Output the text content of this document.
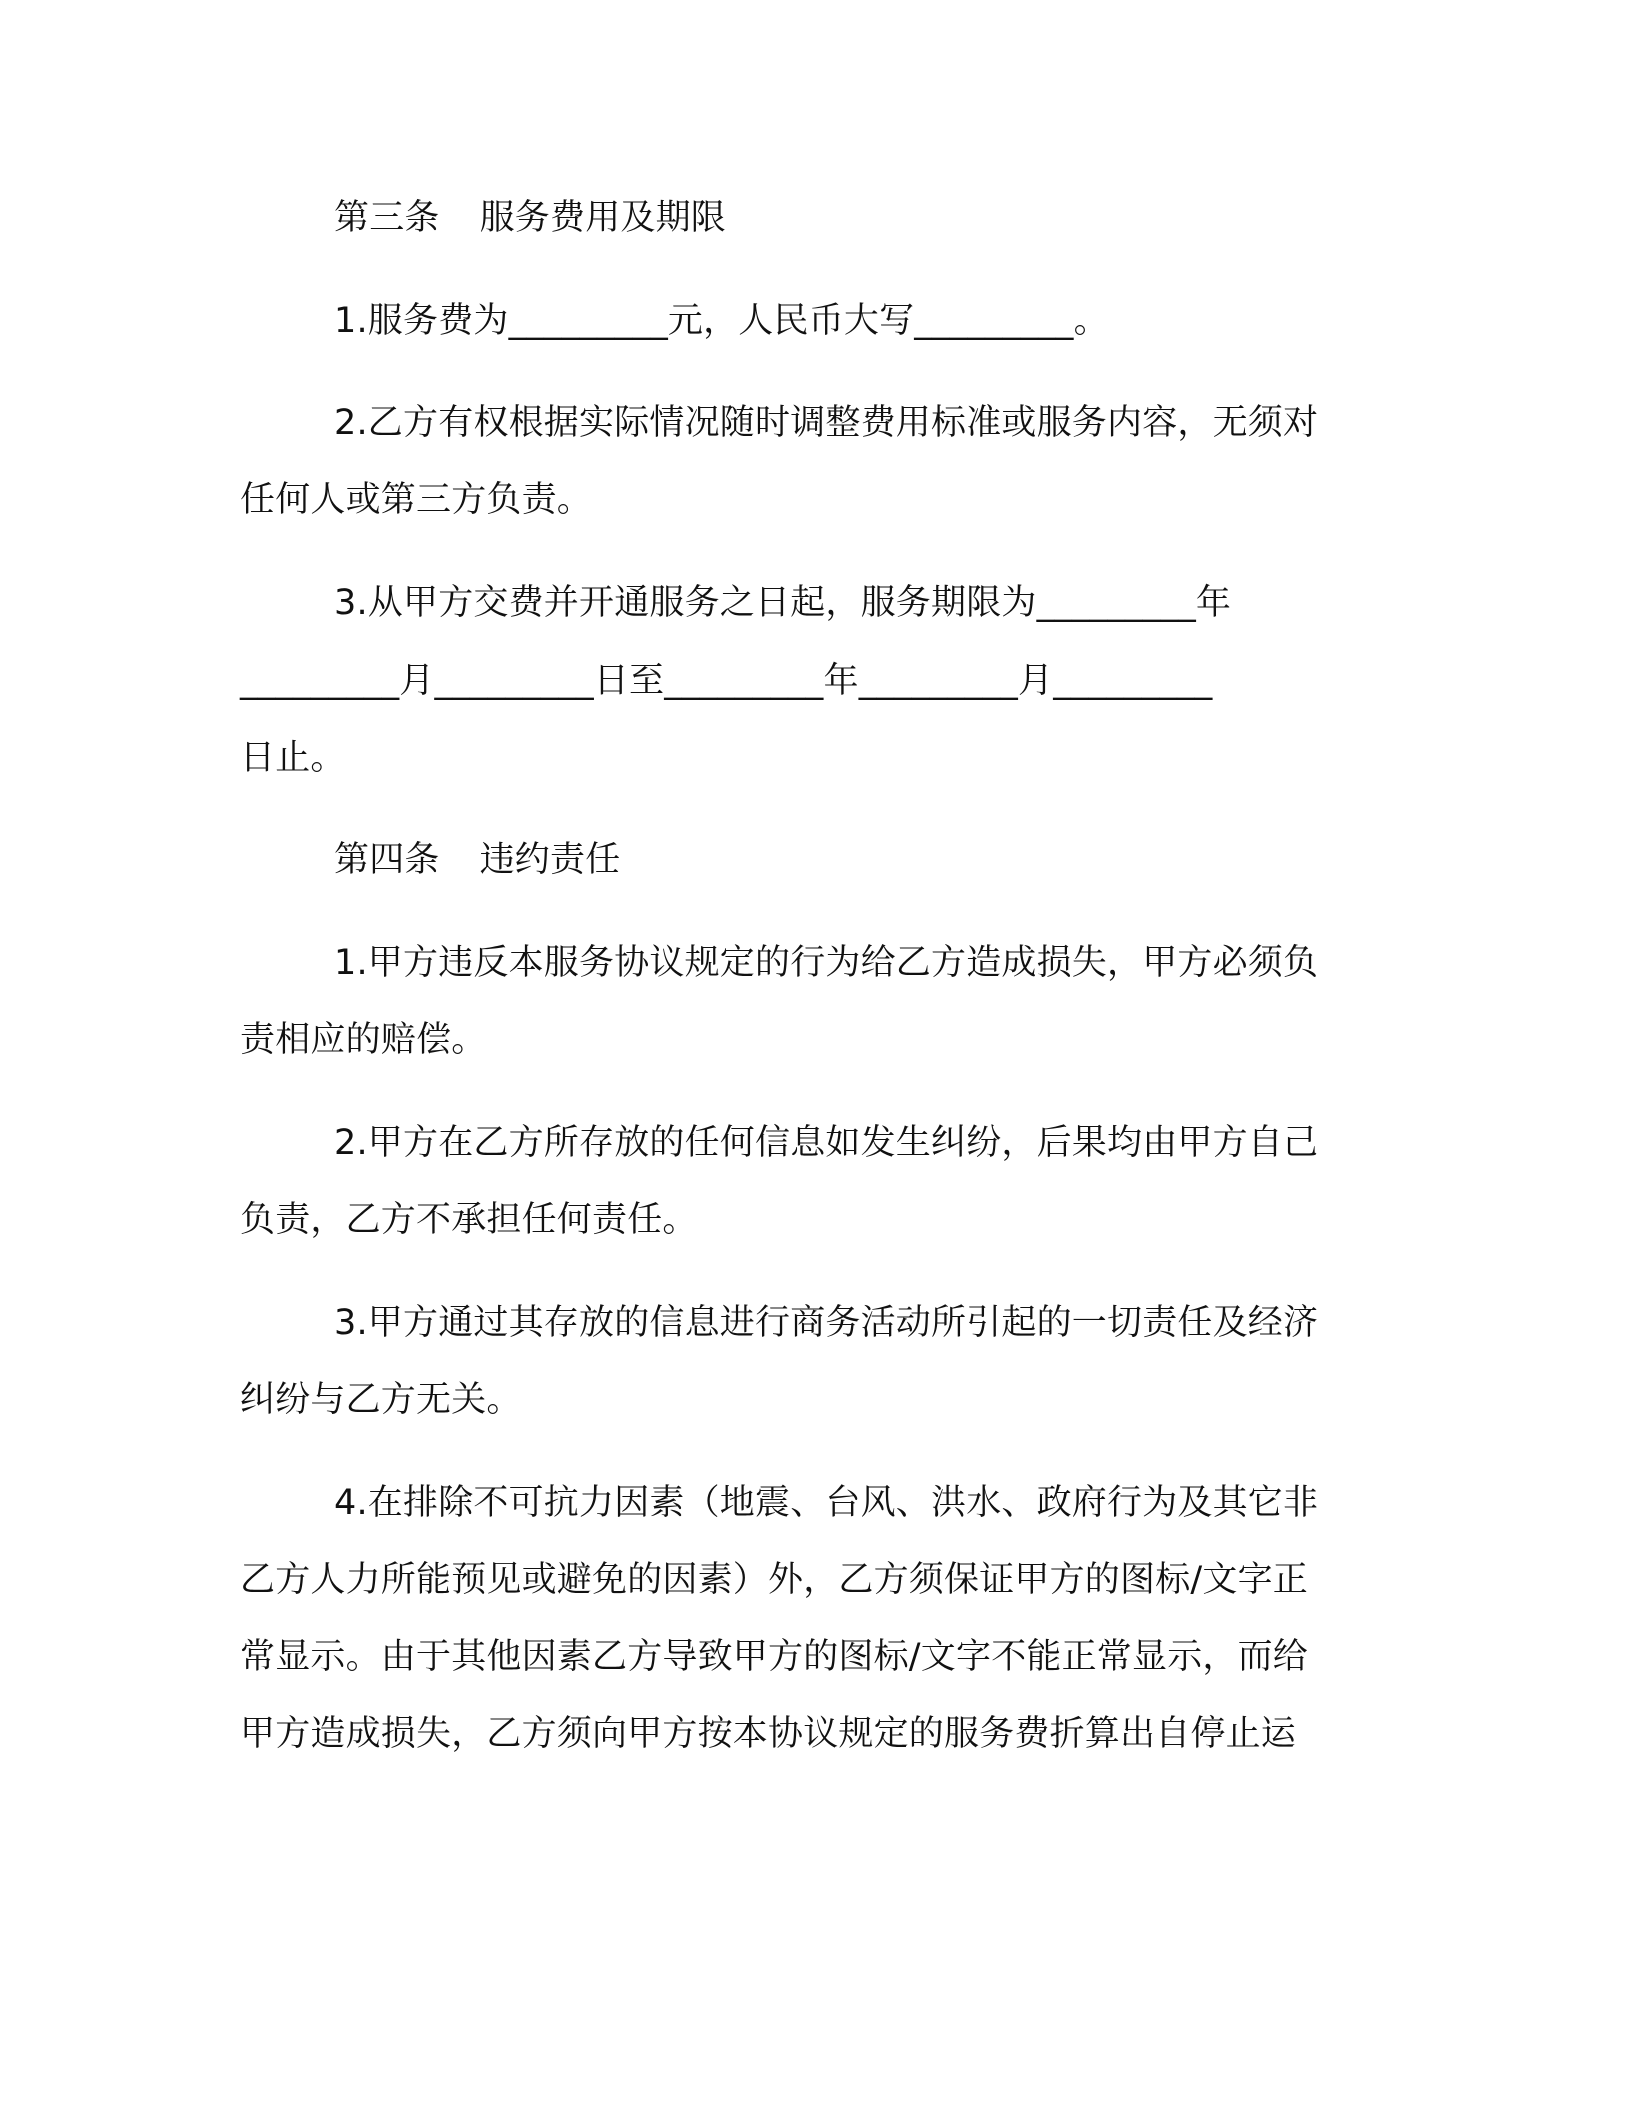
第三条 服务费用及期限
1.服务费为_________元，人民币大写_________。
2.乙方有权根据实际情况随时调整费用标准或服务内容，无须对
任何人或第三方负责。
3.从甲方交费并开通服务之日起，服务期限为_________年
_________月_________日至_________年_________月_________
日止。
第四条 违约责任
1.甲方违反本服务协议规定的行为给乙方造成损失，甲方必须负
责相应的赔偿。
2.甲方在乙方所存放的任何信息如发生纠纷，后果均由甲方自己
负责，乙方不承担任何责任。
3.甲方通过其存放的信息进行商务活动所引起的一切责任及经济
纠纷与乙方无关。
4.在排除不可抗力因素（地震、台风、洪水、政府行为及其它非
乙方人力所能预见或避免的因素）外，乙方须保证甲方的图标/文字正
常显示。由于其他因素乙方导致甲方的图标/文字不能正常显示，而给
甲方造成损失，乙方须向甲方按本协议规定的服务费折算出自停止运
